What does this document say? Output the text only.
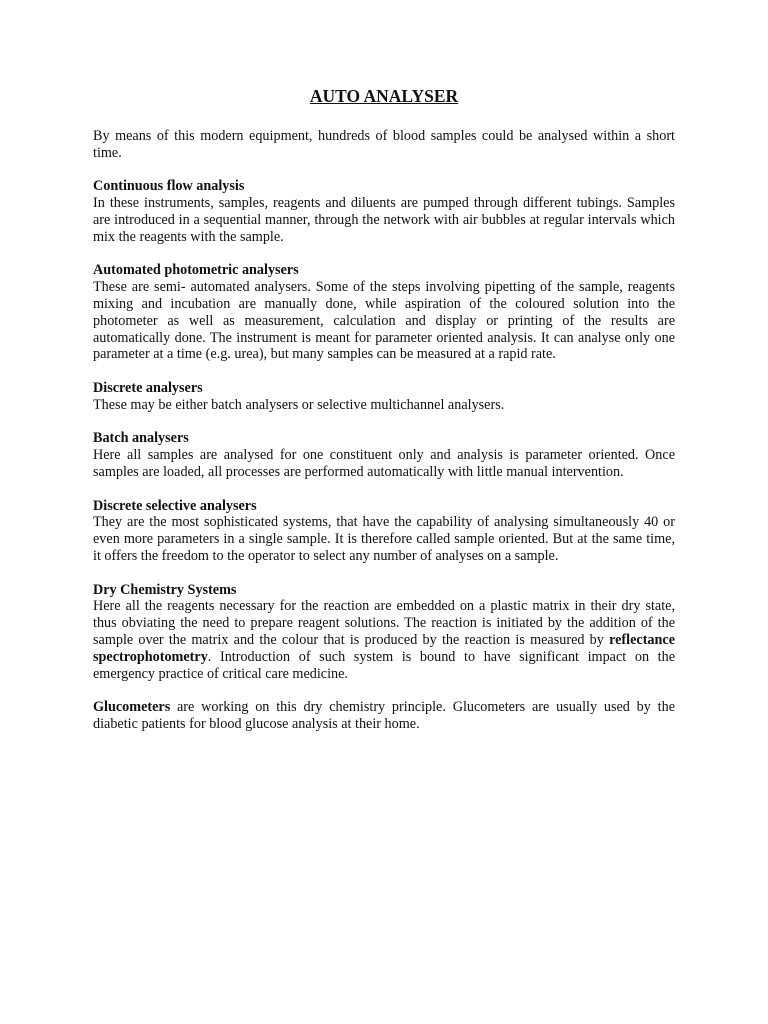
AUTO ANALYSER

By means of this modern equipment, hundreds of blood samples could be analysed within a short time.

Continuous flow analysis
In these instruments, samples, reagents and diluents are pumped through different tubings. Samples are introduced in a sequential manner, through the network with air bubbles at regular intervals which mix the reagents with the sample.

Automated photometric analysers
These are semi- automated analysers. Some of the steps involving pipetting of the sample, reagents mixing and incubation are manually done, while aspiration of the coloured solution into the photometer as well as measurement, calculation and display or printing of the results are automatically done. The instrument is meant for parameter oriented analysis. It can analyse only one parameter at a time (e.g. urea), but many samples can be measured at a rapid rate.

Discrete analysers
These may be either batch analysers or selective multichannel analysers.

Batch analysers
Here all samples are analysed for one constituent only and analysis is parameter oriented. Once samples are loaded, all processes are performed automatically with little manual intervention.

Discrete selective analysers
They are the most sophisticated systems, that have the capability of analysing simultaneously 40 or even more parameters in a single sample. It is therefore called sample oriented. But at the same time, it offers the freedom to the operator to select any number of analyses on a sample.

Dry Chemistry Systems
Here all the reagents necessary for the reaction are embedded on a plastic matrix in their dry state, thus obviating the need to prepare reagent solutions. The reaction is initiated by the addition of the sample over the matrix and the colour that is produced by the reaction is measured by reflectance spectrophotometry. Introduction of such system is bound to have significant impact on the emergency practice of critical care medicine.

Glucometers are working on this dry chemistry principle. Glucometers are usually used by the diabetic patients for blood glucose analysis at their home.
